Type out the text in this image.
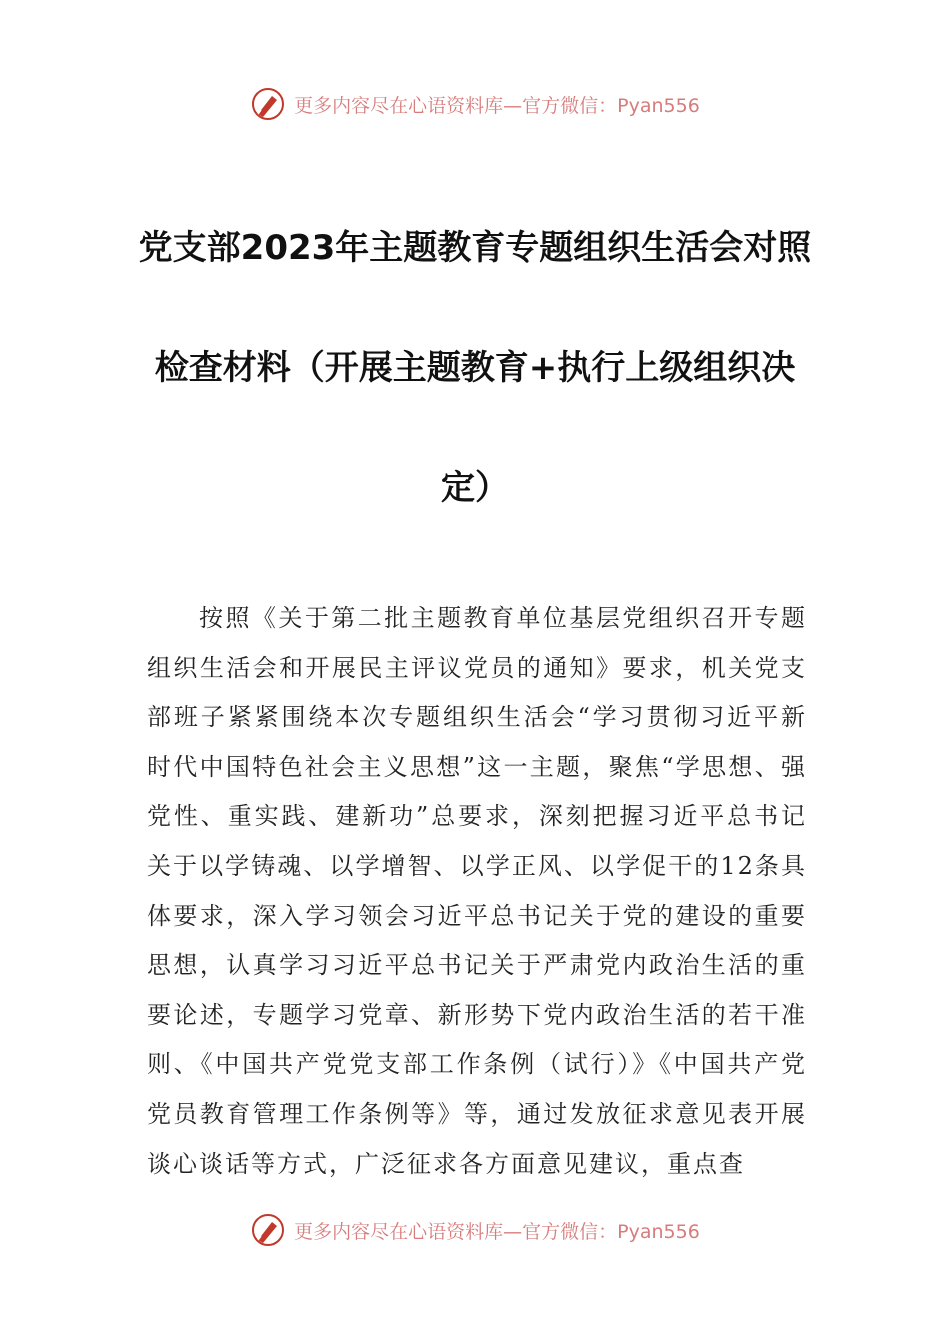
更多内容尽在心语资料库—官方微信：Pyan556
党支部2023年主题教育专题组织生活会对照检查材料（开展主题教育+执行上级组织决定）

按照《关于第二批主题教育单位基层党组织召开专题组织生活会和开展民主评议党员的通知》要求，机关党支部班子紧紧围绕本次专题组织生活会“学习贯彻习近平新时代中国特色社会主义思想”这一主题，聚焦“学思想、强党性、重实践、建新功”总要求，深刻把握习近平总书记关于以学铸魂、以学增智、以学正风、以学促干的12条具体要求，深入学习领会习近平总书记关于党的建设的重要思想，认真学习习近平总书记关于严肃党内政治生活的重要论述，专题学习党章、新形势下党内政治生活的若干准则、《中国共产党党支部工作条例（试行）》《中国共产党党员教育管理工作条例等》等，通过发放征求意见表开展谈心谈话等方式，广泛征求各方面意见建议，重点查

更多内容尽在心语资料库—官方微信：Pyan556
